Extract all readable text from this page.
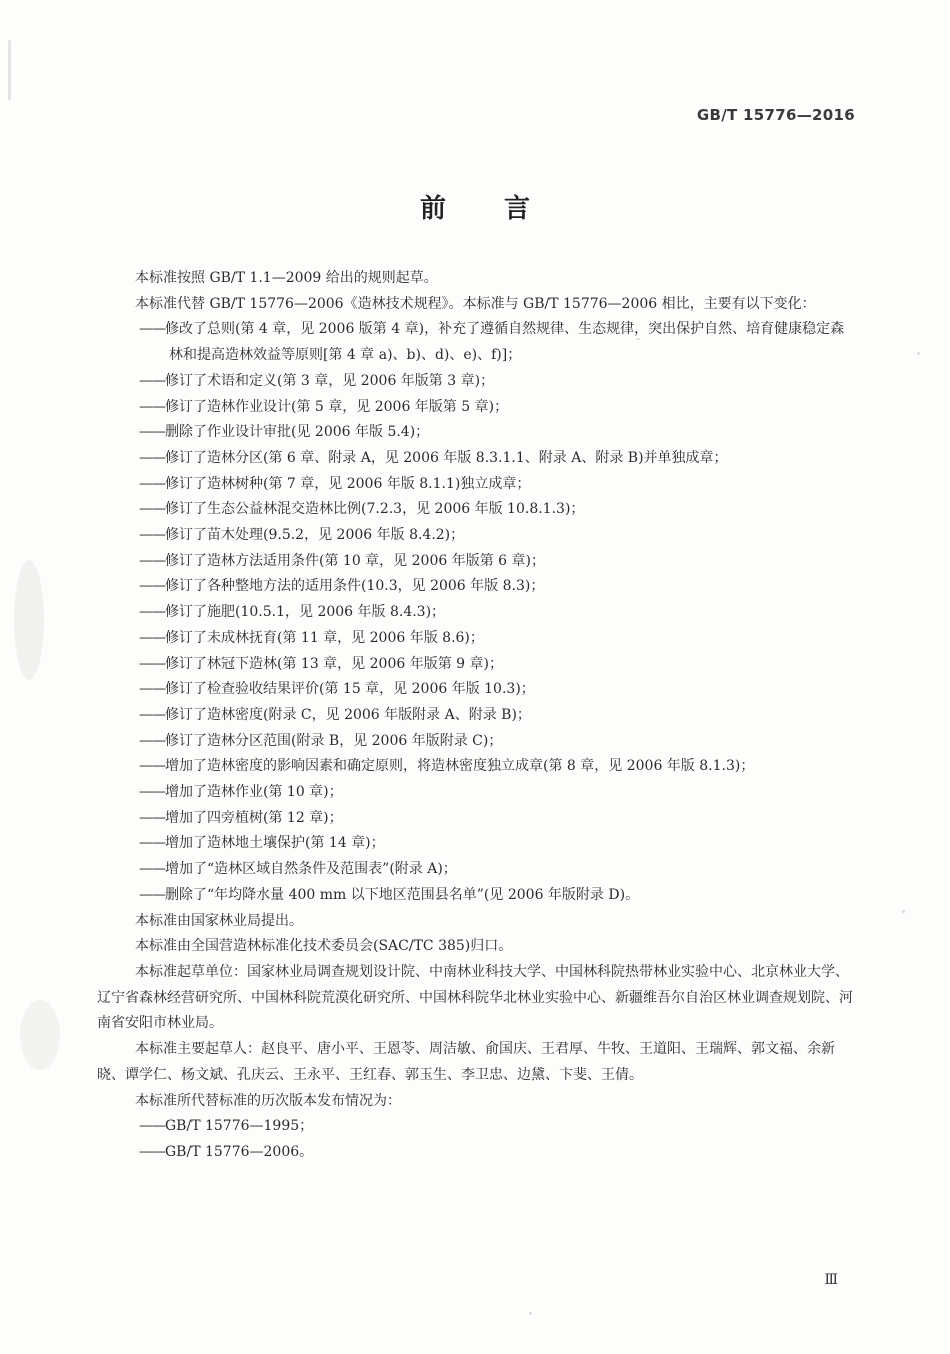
GB/T 15776—2016
前言

本标准按照 GB/T 1.1—2009 给出的规则起草。

本标准代替 GB/T 15776—2006《造林技术规程》。本标准与 GB/T 15776—2006 相比，主要有以下变化：

——修改了总则(第 4 章，见 2006 版第 4 章)，补充了遵循自然规律、生态规律，突出保护自然、培育健康稳定森林和提高造林效益等原则[第 4 章 a)、b)、d)、e)、f)]；
——修订了术语和定义(第 3 章，见 2006 年版第 3 章)；
——修订了造林作业设计(第 5 章，见 2006 年版第 5 章)；
——删除了作业设计审批(见 2006 年版 5.4)；
——修订了造林分区(第 6 章、附录 A，见 2006 年版 8.3.1.1、附录 A、附录 B)并单独成章；
——修订了造林树种(第 7 章，见 2006 年版 8.1.1)独立成章；
——修订了生态公益林混交造林比例(7.2.3，见 2006 年版 10.8.1.3)；
——修订了苗木处理(9.5.2，见 2006 年版 8.4.2)；
——修订了造林方法适用条件(第 10 章，见 2006 年版第 6 章)；
——修订了各种整地方法的适用条件(10.3，见 2006 年版 8.3)；
——修订了施肥(10.5.1，见 2006 年版 8.4.3)；
——修订了未成林抚育(第 11 章，见 2006 年版 8.6)；
——修订了林冠下造林(第 13 章，见 2006 年版第 9 章)；
——修订了检查验收结果评价(第 15 章，见 2006 年版 10.3)；
——修订了造林密度(附录 C，见 2006 年版附录 A、附录 B)；
——修订了造林分区范围(附录 B，见 2006 年版附录 C)；
——增加了造林密度的影响因素和确定原则，将造林密度独立成章(第 8 章，见 2006 年版 8.1.3)；
——增加了造林作业(第 10 章)；
——增加了四旁植树(第 12 章)；
——增加了造林地土壤保护(第 14 章)；
——增加了“造林区域自然条件及范围表”(附录 A)；
——删除了“年均降水量 400 mm 以下地区范围县名单”(见 2006 年版附录 D)。

本标准由国家林业局提出。

本标准由全国营造林标准化技术委员会(SAC/TC 385)归口。

本标准起草单位：国家林业局调查规划设计院、中南林业科技大学、中国林科院热带林业实验中心、北京林业大学、辽宁省森林经营研究所、中国林科院荒漠化研究所、中国林科院华北林业实验中心、新疆维吾尔自治区林业调查规划院、河南省安阳市林业局。

本标准主要起草人：赵良平、唐小平、王恩苓、周洁敏、俞国庆、王君厚、牛牧、王道阳、王瑞辉、郭文福、余新晓、谭学仁、杨文斌、孔庆云、王永平、王红春、郭玉生、李卫忠、边黛、卞斐、王倩。

本标准所代替标准的历次版本发布情况为：

——GB/T 15776—1995；
——GB/T 15776—2006。
Ⅲ
